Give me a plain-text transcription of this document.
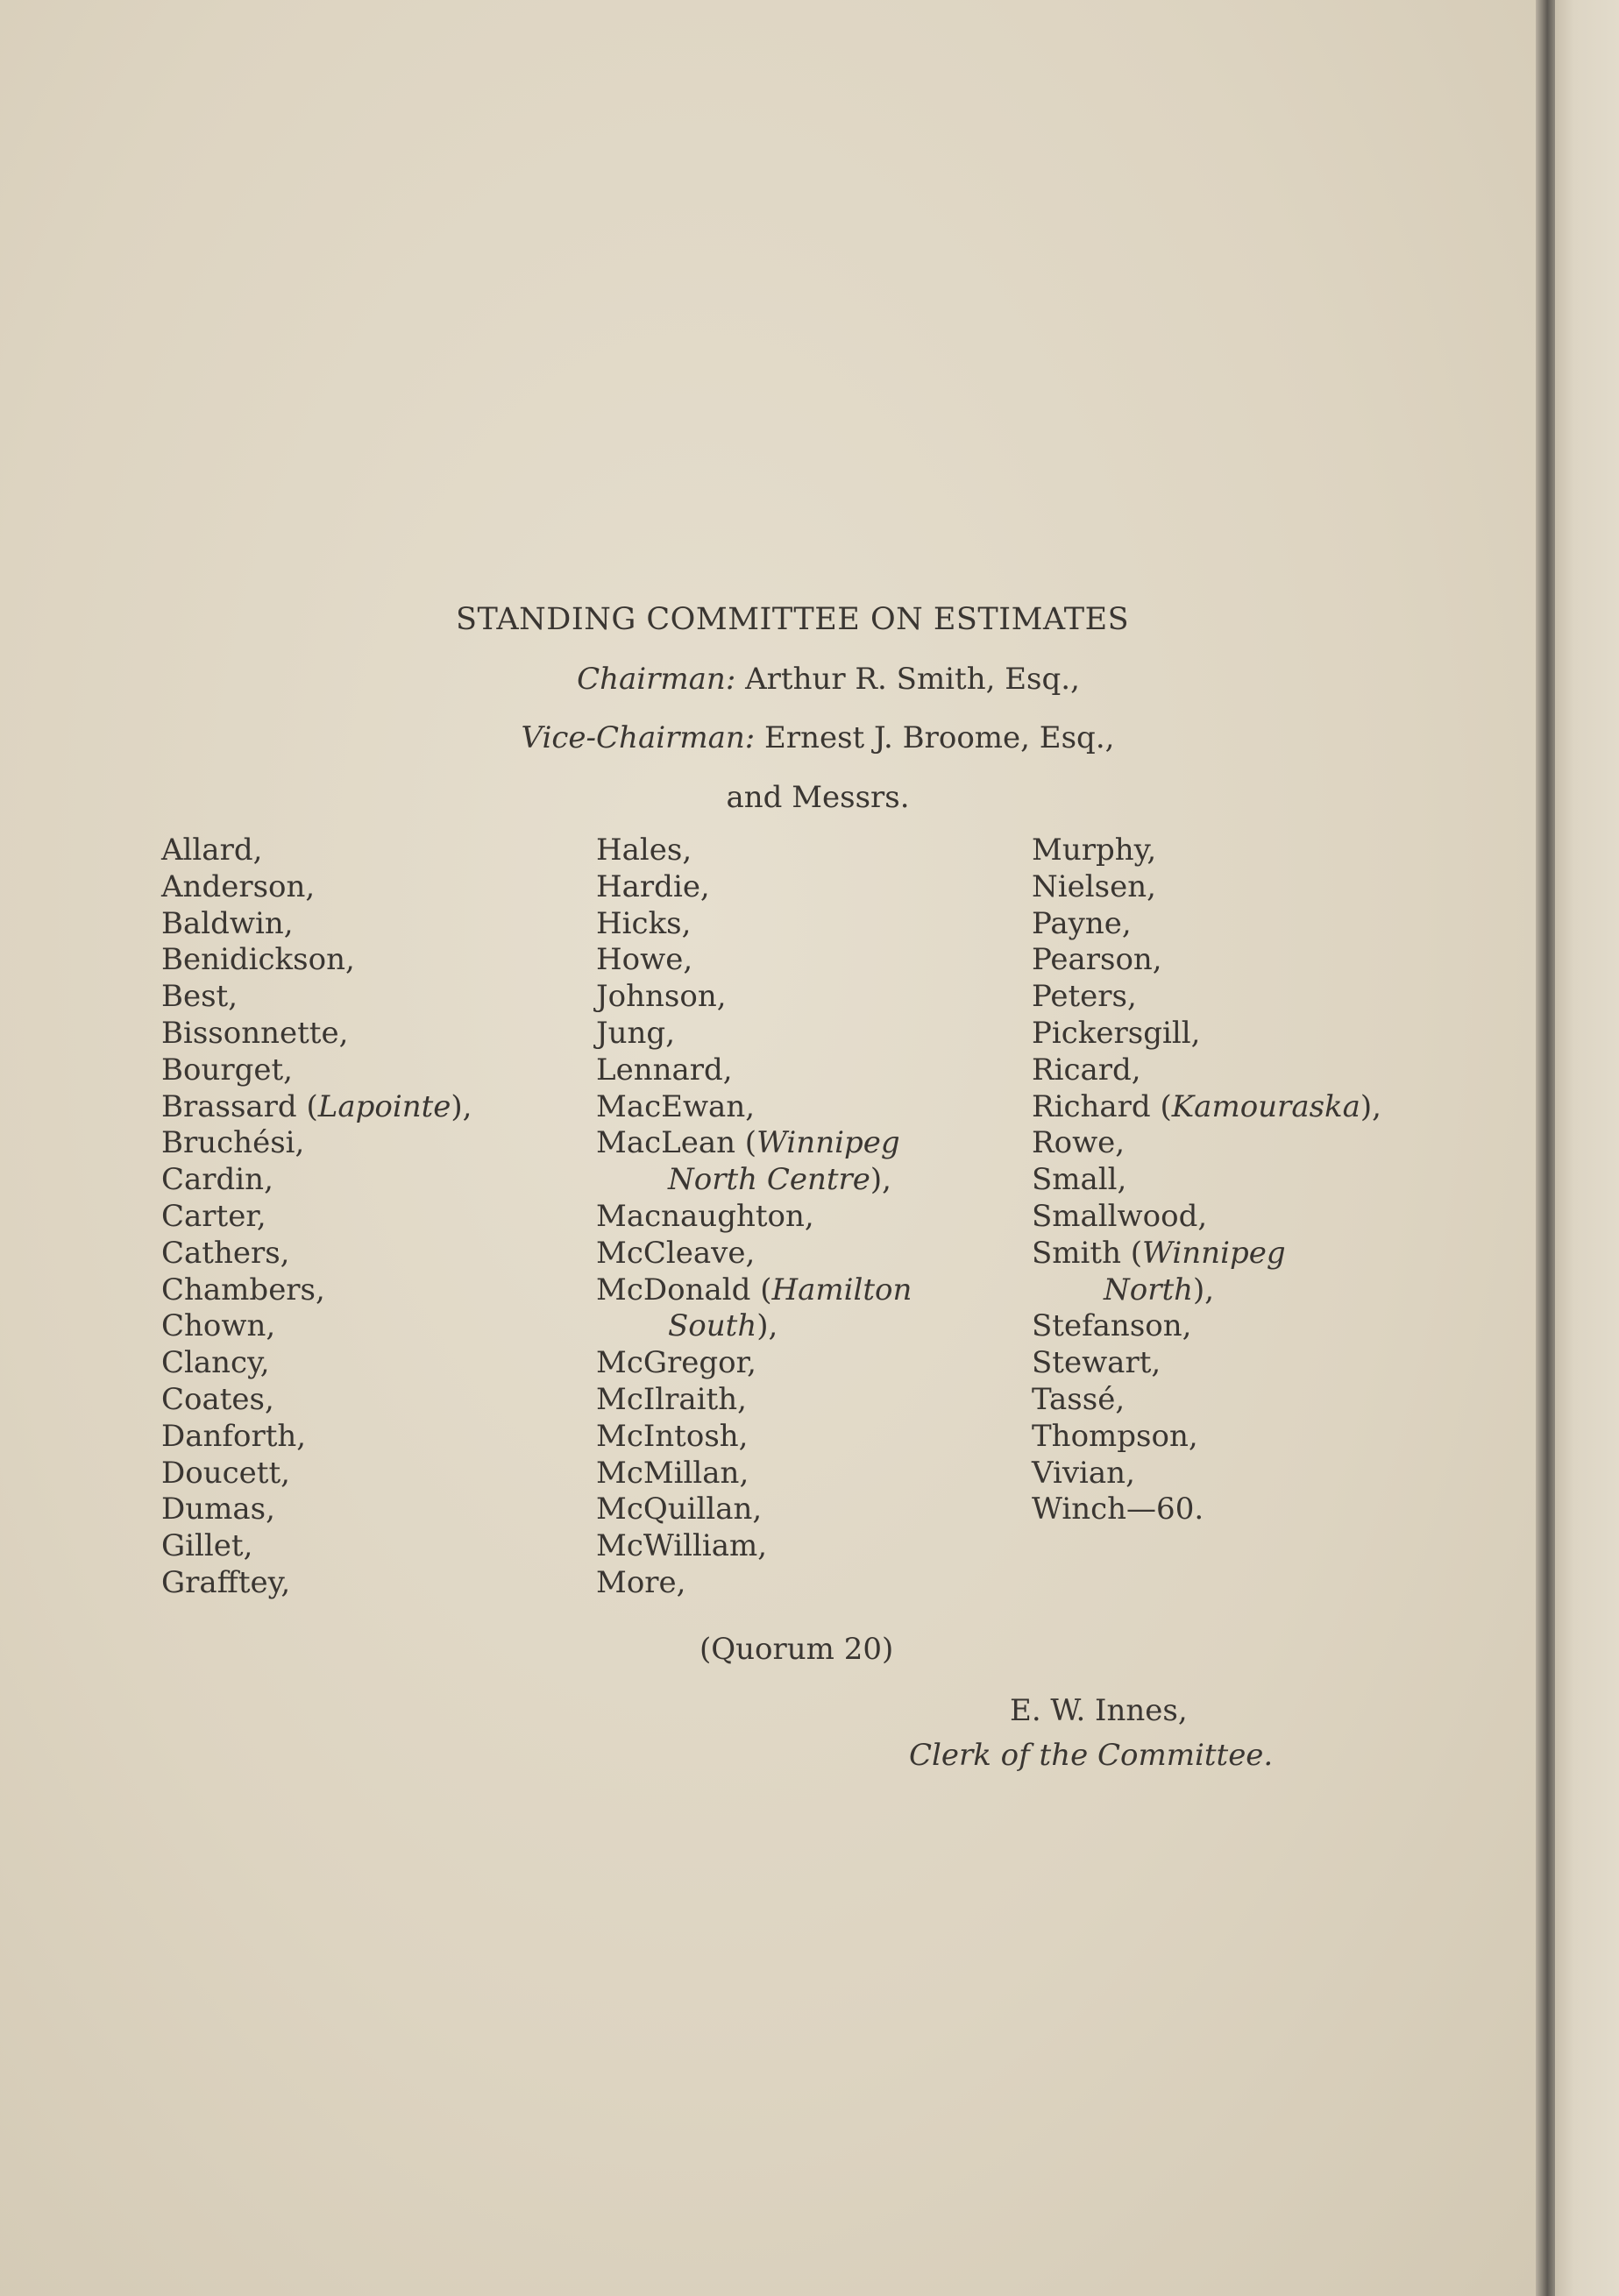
STANDING COMMITTEE ON ESTIMATES
Chairman: Arthur R. Smith, Esq.,
Vice-Chairman: Ernest J. Broome, Esq.,
and Messrs.
Allard,
Anderson,
Baldwin,
Benidickson,
Best,
Bissonnette,
Bourget,
Brassard (Lapointe),
Bruchési,
Cardin,
Carter,
Cathers,
Chambers,
Chown,
Clancy,
Coates,
Danforth,
Doucett,
Dumas,
Gillet,
Grafftey,
Hales,
Hardie,
Hicks,
Howe,
Johnson,
Jung,
Lennard,
MacEwan,
MacLean (Winnipeg
North Centre),
Macnaughton,
McCleave,
McDonald (Hamilton
South),
McGregor,
McIlraith,
McIntosh,
McMillan,
McQuillan,
McWilliam,
More,
Murphy,
Nielsen,
Payne,
Pearson,
Peters,
Pickersgill,
Ricard,
Richard (Kamouraska),
Rowe,
Small,
Smallwood,
Smith (Winnipeg
North),
Stefanson,
Stewart,
Tassé,
Thompson,
Vivian,
Winch—60.
(Quorum 20)
E. W. Innes,
Clerk of the Committee.
